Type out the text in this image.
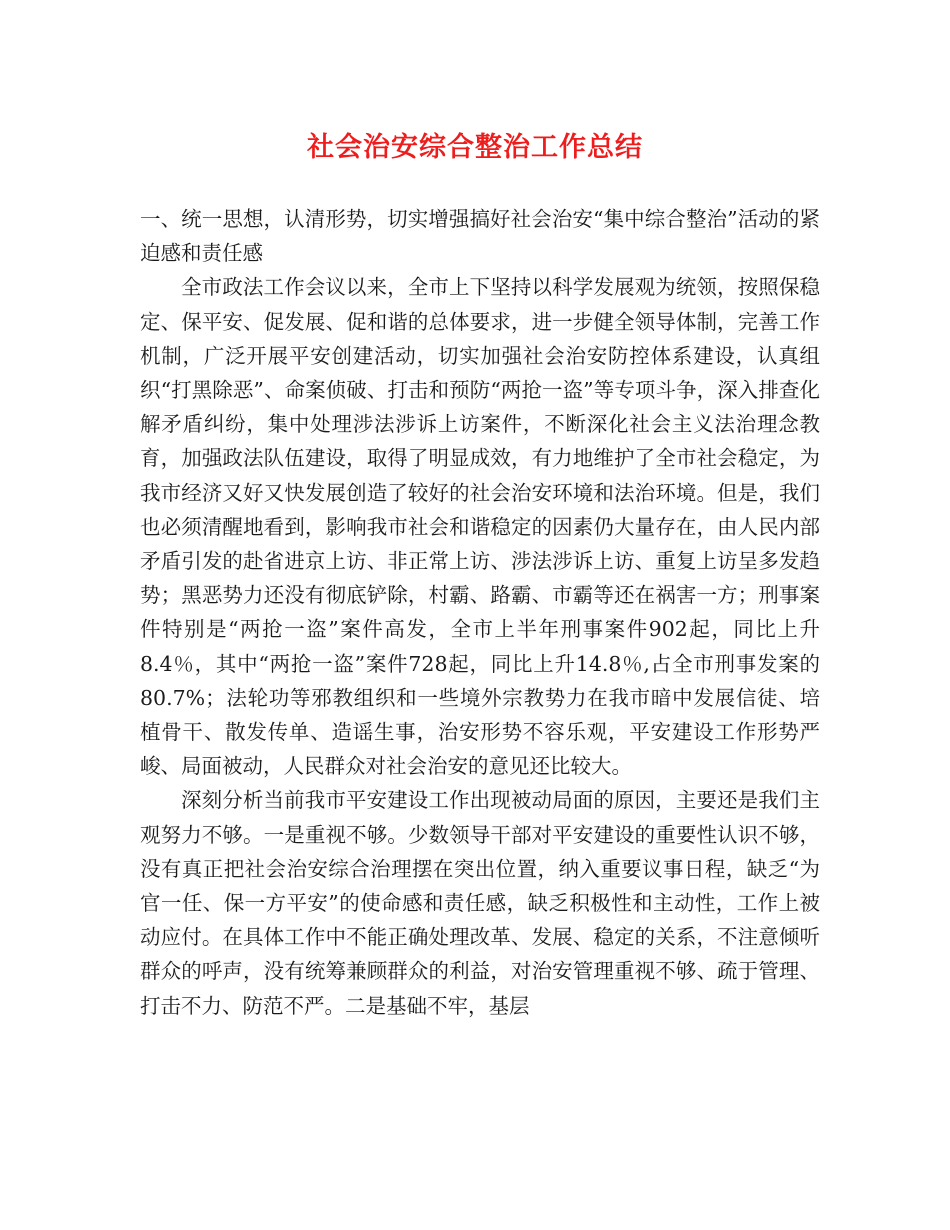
社会治安综合整治工作总结

一、统一思想，认清形势，切实增强搞好社会治安“集中综合整治”活动的紧迫感和责任感

全市政法工作会议以来，全市上下坚持以科学发展观为统领，按照保稳定、保平安、促发展、促和谐的总体要求，进一步健全领导体制，完善工作机制，广泛开展平安创建活动，切实加强社会治安防控体系建设，认真组织“打黑除恶”、命案侦破、打击和预防“两抢一盗”等专项斗争，深入排查化解矛盾纠纷，集中处理涉法涉诉上访案件，不断深化社会主义法治理念教育，加强政法队伍建设，取得了明显成效，有力地维护了全市社会稳定，为我市经济又好又快发展创造了较好的社会治安环境和法治环境。但是，我们也必须清醒地看到，影响我市社会和谐稳定的因素仍大量存在，由人民内部矛盾引发的赴省进京上访、非正常上访、涉法涉诉上访、重复上访呈多发趋势；黑恶势力还没有彻底铲除，村霸、路霸、市霸等还在祸害一方；刑事案件特别是“两抢一盗”案件高发，全市上半年刑事案件902起，同比上升8.4％，其中“两抢一盗”案件728起，同比上升14.8％,占全市刑事发案的80.7%；法轮功等邪教组织和一些境外宗教势力在我市暗中发展信徒、培植骨干、散发传单、造谣生事，治安形势不容乐观，平安建设工作形势严峻、局面被动，人民群众对社会治安的意见还比较大。

深刻分析当前我市平安建设工作出现被动局面的原因，主要还是我们主观努力不够。一是重视不够。少数领导干部对平安建设的重要性认识不够，没有真正把社会治安综合治理摆在突出位置，纳入重要议事日程，缺乏“为官一任、保一方平安”的使命感和责任感，缺乏积极性和主动性，工作上被动应付。在具体工作中不能正确处理改革、发展、稳定的关系，不注意倾听群众的呼声，没有统筹兼顾群众的利益，对治安管理重视不够、疏于管理、打击不力、防范不严。二是基础不牢，基层
